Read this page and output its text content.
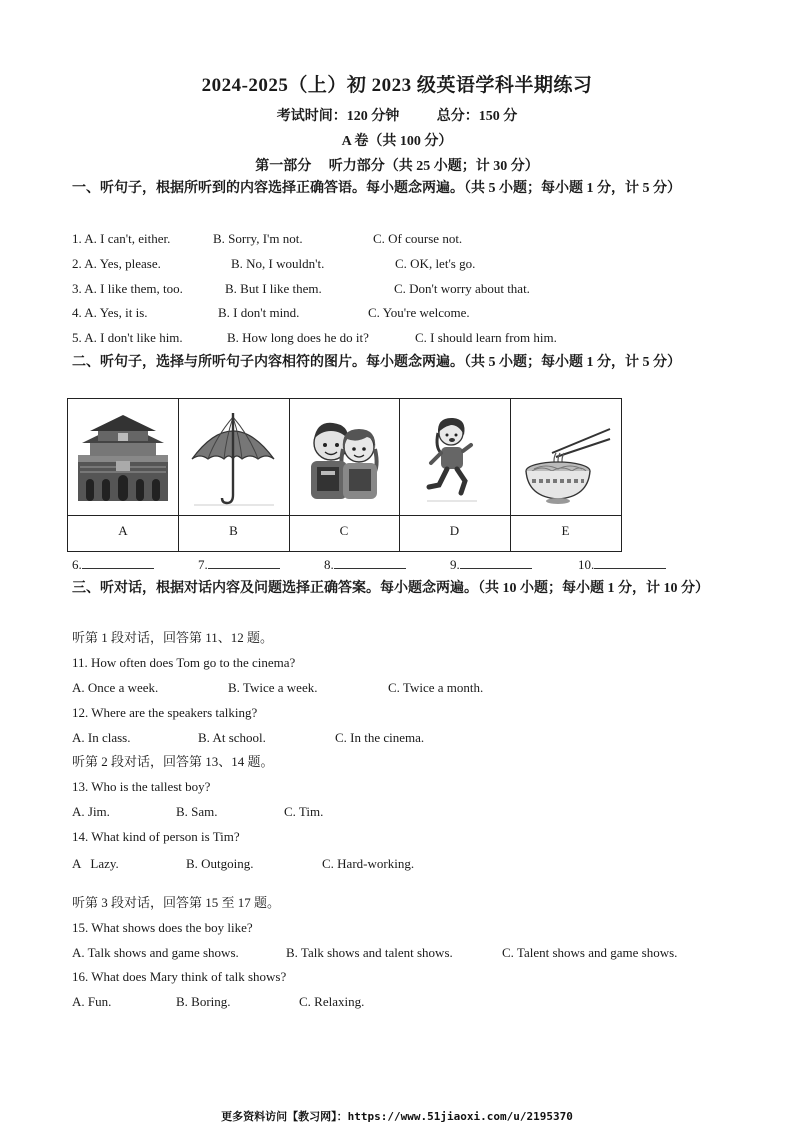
2024-2025（上）初 2023 级英语学科半期练习
考试时间：120 分钟	总分：150 分
A 卷（共 100 分）
第一部分 听力部分（共 25 小题；计 30 分）
一、听句子，根据所听到的内容选择正确答语。每小题念两遍。（共 5 小题；每小题 1 分，计 5 分）
1. A. I can't, either.	B. Sorry, I'm not.	C. Of course not.
2. A. Yes, please.	B. No, I wouldn't.	C. OK, let's go.
3. A. I like them, too.	B. But I like them.	C. Don't worry about that.
4. A. Yes, it is.	B. I don't mind.	C. You're welcome.
5. A. I don't like him.	B. How long does he do it?	C. I should learn from him.
二、听句子，选择与所听句子内容相符的图片。每小题念两遍。（共 5 小题；每小题 1 分，计 5 分）
A	B	C	D	E
6.	7.	8.	9.	10.
三、听对话，根据对话内容及问题选择正确答案。每小题念两遍。（共 10 小题；每小题 1 分，计 10 分）
听第 1 段对话，回答第 11、12 题。
11. How often does Tom go to the cinema?
A. Once a week.	B. Twice a week.	C. Twice a month.
12. Where are the speakers talking?
A. In class.	B. At school.	C. In the cinema.
听第 2 段对话，回答第 13、14 题。
13. Who is the tallest boy?
A. Jim.	B. Sam.	C. Tim.
14. What kind of person is Tim?
A   Lazy.	B. Outgoing.	C. Hard-working.
听第 3 段对话，回答第 15 至 17 题。
15. What shows does the boy like?
A. Talk shows and game shows.	B. Talk shows and talent shows.	C. Talent shows and game shows.
16. What does Mary think of talk shows?
A. Fun.	B. Boring.	C. Relaxing.
更多资料访问【教习网】：https://www.51jiaoxi.com/u/2195370
